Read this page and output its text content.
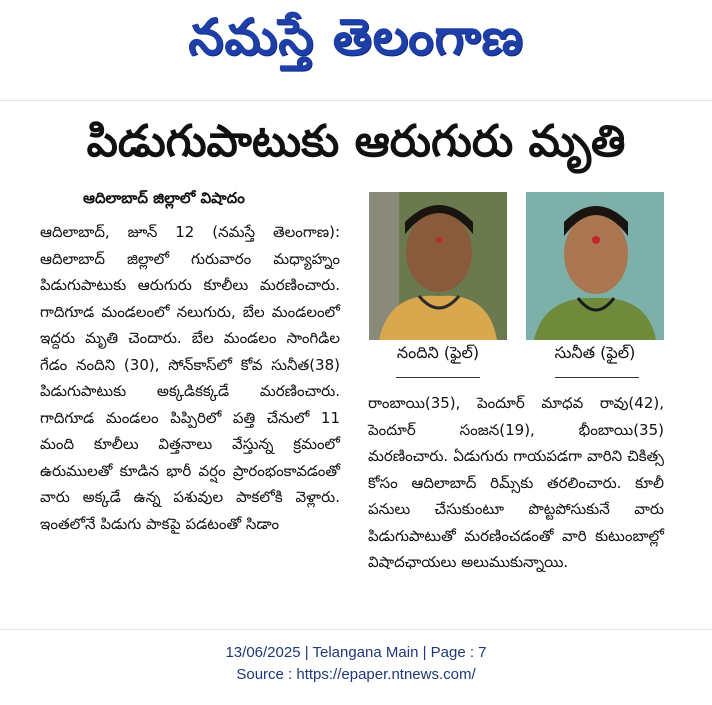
నమస్తే తెలంగాణ
పిడుగుపాటుకు ఆరుగురు మృతి
ఆదిలాబాద్ జిల్లాలో విషాదం

ఆదిలాబాద్, జూన్ 12 (నమస్తే తెలంగాణ): ఆదిలాబాద్ జిల్లాలో గురువారం మధ్యాహ్నం పిడుగుపాటుకు ఆరుగురు కూలీలు మరణించారు. గాదిగూడ మండలంలో నలుగురు, బేల మండలంలో ఇద్దరు మృతి చెందారు. బేల మండలం సాంగిడిల గేడం నందిని (30), సోన్‌కాస్‌లో కోవ సునీత(38) పిడుగుపాటుకు అక్కడికక్కడే మరణించారు. గాదిగూడ మండలం పిప్పిరిలో పత్తి చేనులో 11 మంది కూలీలు విత్తనాలు వేస్తున్న క్రమంలో ఉరుములతో కూడిన భారీ వర్షం ప్రారంభంకావడంతో వారు అక్కడే ఉన్న పశువుల పాకలోకి వెళ్లారు. ఇంతలోనే పిడుగు పాకపై పడటంతో సిడాం

నందిని (ఫైల్)	సునీత (ఫైల్)

రాంబాయి(35), పెందూర్ మాధవ రావు(42), పెందూర్ సంజన(19), భీంబాయి(35) మరణించారు. ఏడుగురు గాయపడగా వారిని చికిత్స కోసం ఆదిలాబాద్ రిమ్స్‌కు తరలించారు. కూలీ పనులు చేసుకుంటూ పొట్టపోసుకునే వారు పిడుగుపాటుతో మరణించడంతో వారి కుటుంబాల్లో విషాదఛాయలు అలుముకున్నాయి.

13/06/2025 | Telangana Main | Page : 7
Source : https://epaper.ntnews.com/
